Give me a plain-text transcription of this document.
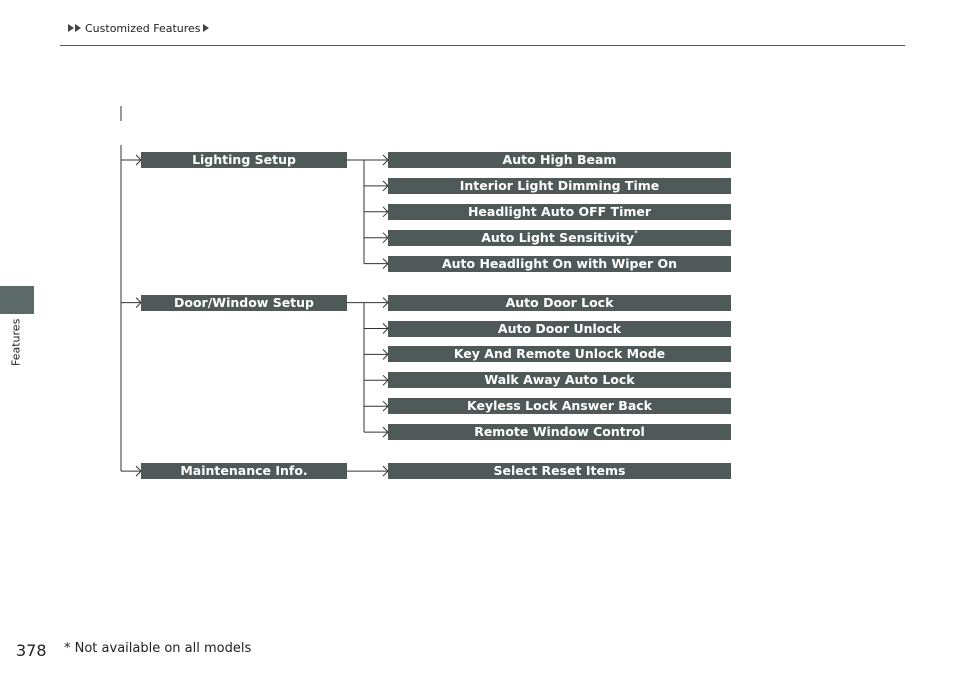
Customized Features
Features
Lighting Setup	Auto High Beam
Interior Light Dimming Time
Headlight Auto OFF Timer
Auto Light Sensitivity*
Auto Headlight On with Wiper On
Door/Window Setup	Auto Door Lock
Auto Door Unlock
Key And Remote Unlock Mode
Walk Away Auto Lock
Keyless Lock Answer Back
Remote Window Control
Maintenance Info.	Select Reset Items
378 * Not available on all models
